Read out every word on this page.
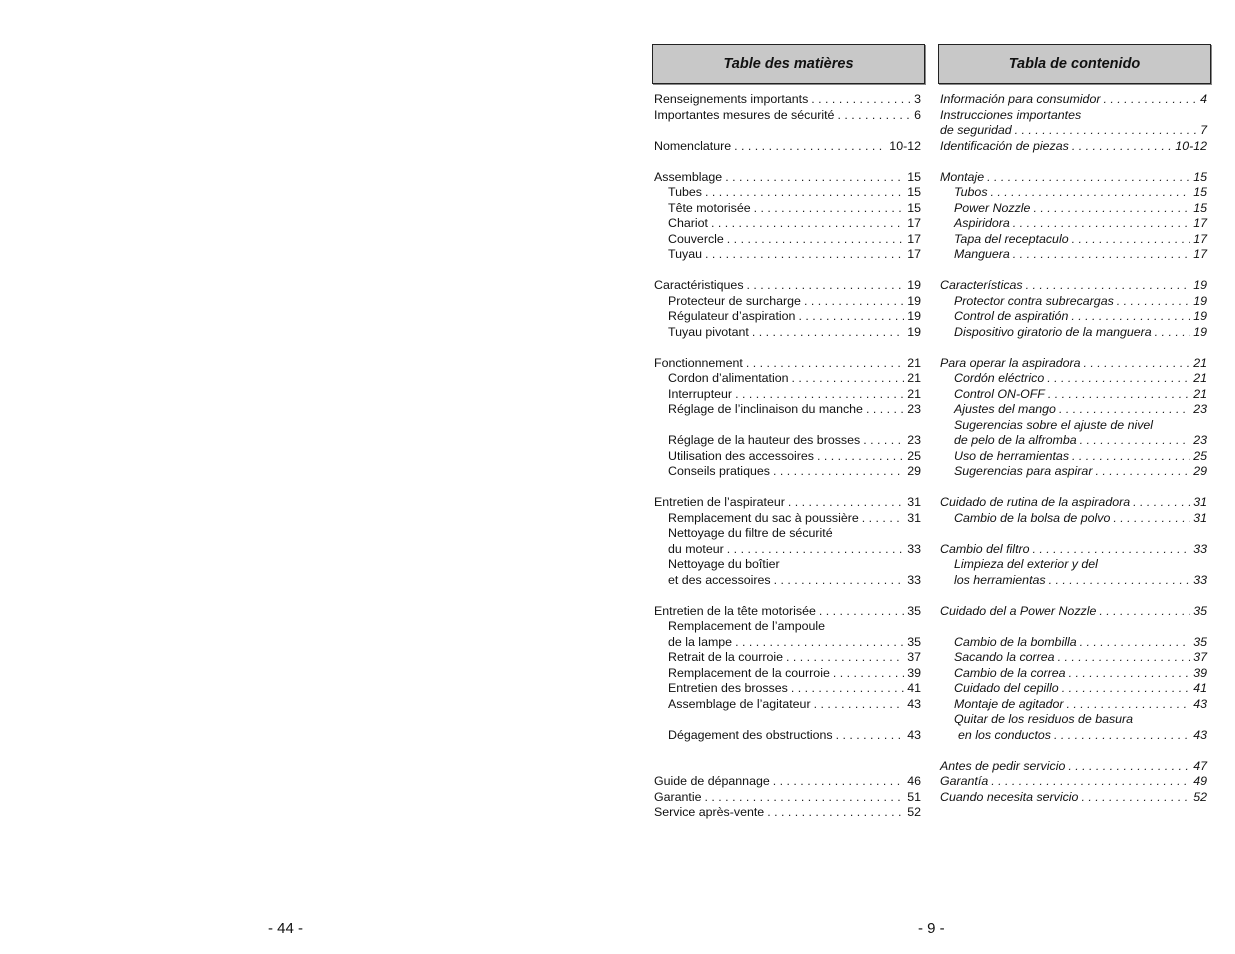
Table des matières
Renseignements importants . . .	3
Importantes mesures de sécurité . . .	6
Nomenclature . . .	10-12
Assemblage . . .	15
Tubes . . .	15
Tête motorisée . . .	15
Chariot . . .	17
Couvercle . . .	17
Tuyau . . .	17
Caractéristiques . . .	19
Protecteur de surcharge . . .	19
Régulateur d’aspiration . . .	19
Tuyau pivotant . . .	19
Fonctionnement . . .	21
Cordon d’alimentation . . .	21
Interrupteur . . .	21
Réglage de l’inclinaison du manche . . .	23
Réglage de la hauteur des brosses . . .	23
Utilisation des accessoires . . .	25
Conseils pratiques . . .	29
Entretien de l’aspirateur . . .	31
Remplacement du sac à poussière . . .	31
Nettoyage du filtre de sécurité
du moteur . . .	33
Nettoyage du boîtier
et des accessoires . . .	33
Entretien de la tête motorisée . . .	35
Remplacement de l’ampoule
de la lampe . . .	35
Retrait de la courroie . . .	37
Remplacement de la courroie . . .	39
Entretien des brosses . . .	41
Assemblage de l’agitateur . . .	43
Dégagement des obstructions . . .	43
Guide de dépannage . . .	46
Garantie . . .	51
Service après-vente . . .	52
Tabla de contenido
Información para consumidor . . .	4
Instrucciones importantes
de seguridad . . .	7
Identificación de piezas . . .	10-12
Montaje . . .	15
Tubos . . .	15
Power Nozzle . . .	15
Aspiridora . . .	17
Tapa del receptaculo . . .	17
Manguera . . .	17
Características . . .	19
Protector contra subrecargas . . .	19
Control de aspiratión . . .	19
Dispositivo giratorio de la manguera . . .	19
Para operar la aspiradora . . .	21
Cordón eléctrico . . .	21
Control ON-OFF . . .	21
Ajustes del mango . . .	23
Sugerencias sobre el ajuste de nivel
de pelo de la alfromba . . .	23
Uso de herramientas . . .	25
Sugerencias para aspirar . . .	29
Cuidado de rutina de la aspiradora . . .	31
Cambio de la bolsa de polvo . . .	31
Cambio del filtro . . .	33
Limpieza del exterior y del
los herramientas . . .	33
Cuidado del a Power Nozzle . . .	35
Cambio de la bombilla . . .	35
Sacando la correa . . .	37
Cambio de la correa . . .	39
Cuidado del cepillo . . .	41
Montaje de agitador . . .	43
Quitar de los residuos de basura
en los conductos . . .	43
Antes de pedir servicio . . .	47
Garantía . . .	49
Cuando necesita servicio . . .	52
- 44 -	- 9 -
